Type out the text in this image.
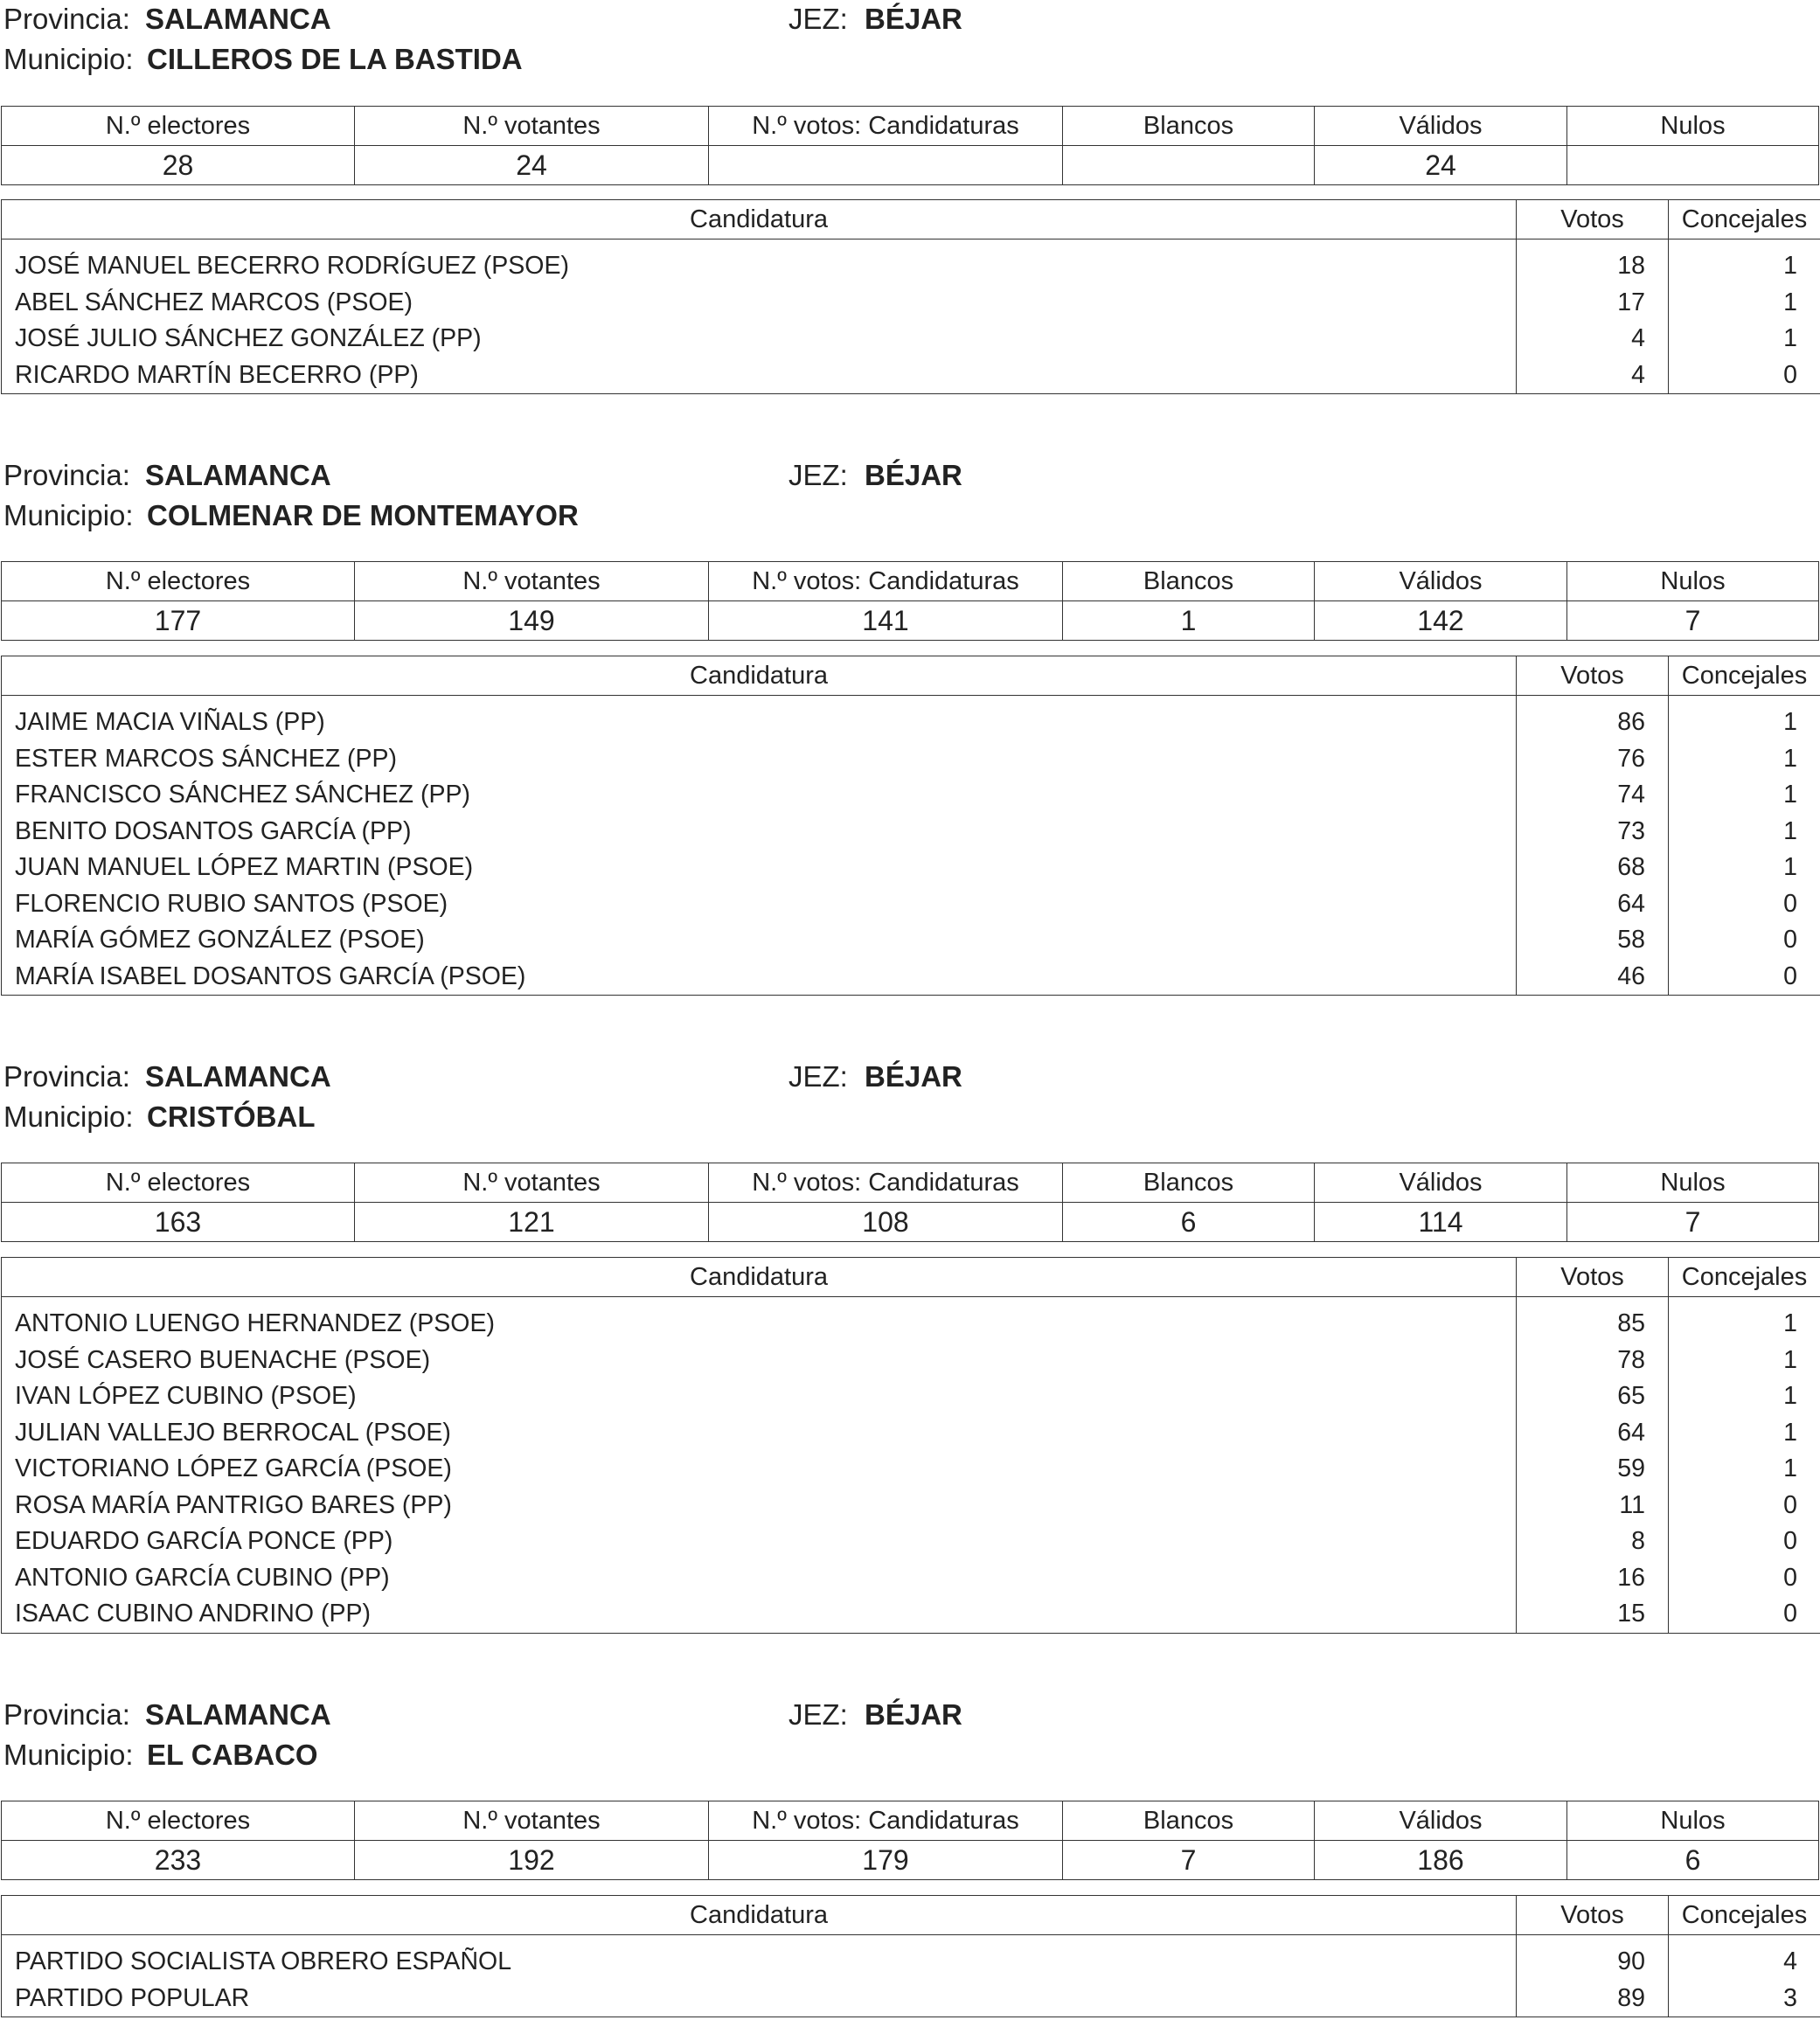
Provincia: SALAMANCA	JEZ: BÉJAR
Municipio: CILLEROS DE LA BASTIDA
N.º electores	N.º votantes	N.º votos: Candidaturas	Blancos	Válidos	Nulos
28	24			24	
Candidatura	Votos	Concejales

JOSÉ MANUEL BECERRO RODRÍGUEZ (PSOE)	18	1
ABEL SÁNCHEZ MARCOS (PSOE)	17	1
JOSÉ JULIO SÁNCHEZ GONZÁLEZ (PP)	4	1
RICARDO MARTÍN BECERRO (PP)	4	0
Provincia: SALAMANCA	JEZ: BÉJAR
Municipio: COLMENAR DE MONTEMAYOR
N.º electores	N.º votantes	N.º votos: Candidaturas	Blancos	Válidos	Nulos
177	149	141	1	142	7
Candidatura	Votos	Concejales

JAIME MACIA VIÑALS (PP)	86	1
ESTER MARCOS SÁNCHEZ (PP)	76	1
FRANCISCO SÁNCHEZ SÁNCHEZ (PP)	74	1
BENITO DOSANTOS GARCÍA (PP)	73	1
JUAN MANUEL LÓPEZ MARTIN (PSOE)	68	1
FLORENCIO RUBIO SANTOS (PSOE)	64	0
MARÍA GÓMEZ GONZÁLEZ (PSOE)	58	0
MARÍA ISABEL DOSANTOS GARCÍA (PSOE)	46	0
Provincia: SALAMANCA	JEZ: BÉJAR
Municipio: CRISTÓBAL
N.º electores	N.º votantes	N.º votos: Candidaturas	Blancos	Válidos	Nulos
163	121	108	6	114	7
Candidatura	Votos	Concejales

ANTONIO LUENGO HERNANDEZ (PSOE)	85	1
JOSÉ CASERO BUENACHE (PSOE)	78	1
IVAN LÓPEZ CUBINO (PSOE)	65	1
JULIAN VALLEJO BERROCAL (PSOE)	64	1
VICTORIANO LÓPEZ GARCÍA (PSOE)	59	1
ROSA MARÍA PANTRIGO BARES (PP)	11	0
EDUARDO GARCÍA PONCE (PP)	8	0
ANTONIO GARCÍA CUBINO (PP)	16	0
ISAAC CUBINO ANDRINO (PP)	15	0
Provincia: SALAMANCA	JEZ: BÉJAR
Municipio: EL CABACO
N.º electores	N.º votantes	N.º votos: Candidaturas	Blancos	Válidos	Nulos
233	192	179	7	186	6
Candidatura	Votos	Concejales

PARTIDO SOCIALISTA OBRERO ESPAÑOL	90	4
PARTIDO POPULAR	89	3
